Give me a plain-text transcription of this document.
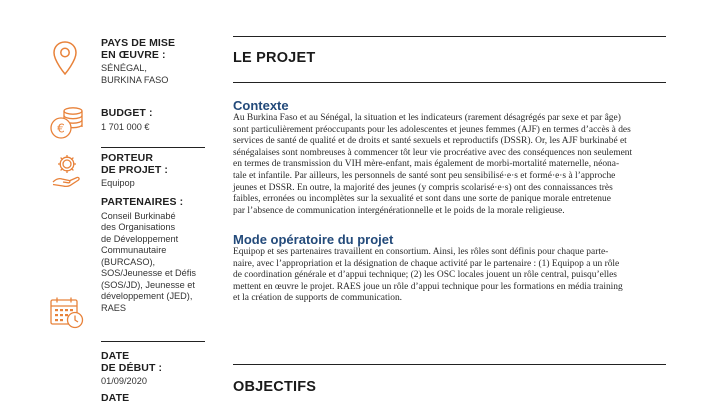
PAYS DE MISE
EN ŒUVRE :
SÉNÉGAL,
BURKINA FASO
€
BUDGET :
1 701 000 €
PORTEUR
DE PROJET :
Equipop
PARTENAIRES :
Conseil Burkinabé
des Organisations
de Développement
Communautaire
(BURCASO),
SOS/Jeunesse et Défis
(SOS/JD), Jeunesse et
développement (JED),
RAES
DATE
DE DÉBUT :
01/09/2020
DATE
LE PROJET
Contexte
Au Burkina Faso et au Sénégal, la situation et les indicateurs (rarement désagrégés par sexe et par âge)
sont particulièrement préoccupants pour les adolescentes et jeunes femmes (AJF) en termes d’accès à des
services de santé de qualité et de droits et santé sexuels et reproductifs (DSSR). Or, les AJF burkinabé et
sénégalaises sont nombreuses à commencer tôt leur vie procréative avec des conséquences non seulement
en termes de transmission du VIH mère-enfant, mais également de morbi-mortalité maternelle, néona-
tale et infantile. Par ailleurs, les personnels de santé sont peu sensibilisé·e·s et formé·e·s à l’approche
jeunes et DSSR. En outre, la majorité des jeunes (y compris scolarisé·e·s) ont des connaissances très
faibles, erronées ou incomplètes sur la sexualité et sont dans une sorte de panique morale entretenue
par l’absence de communication intergénérationnelle et le poids de la morale religieuse.
Mode opératoire du projet
Equipop et ses partenaires travaillent en consortium. Ainsi, les rôles sont définis pour chaque parte-
naire, avec l’appropriation et la désignation de chaque activité par le partenaire : (1) Equipop a un rôle
de coordination générale et d’appui technique; (2) les OSC locales jouent un rôle central, puisqu’elles
mettent en œuvre le projet. RAES joue un rôle d’appui technique pour les formations en média training
et la création de supports de communication.
OBJECTIFS
